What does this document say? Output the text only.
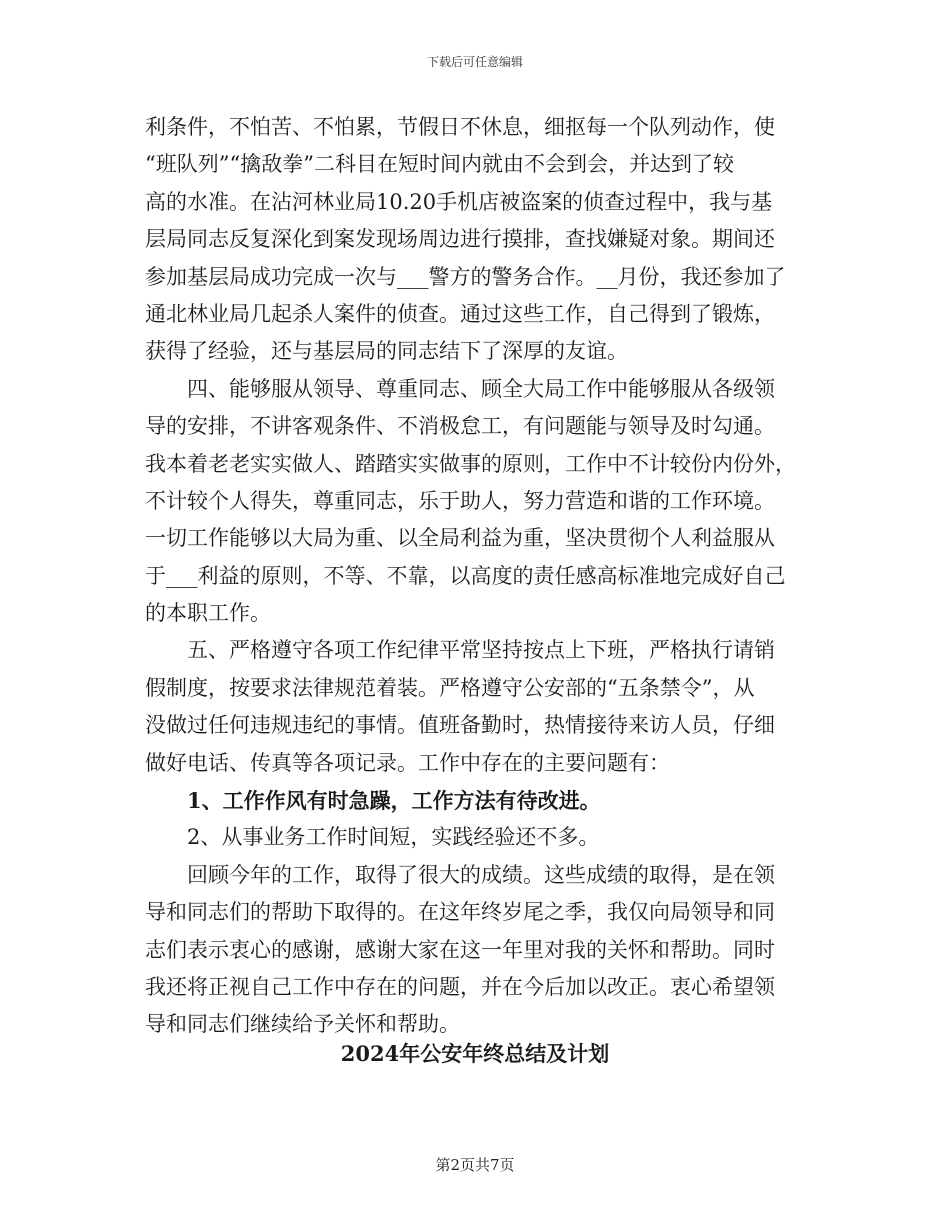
下载后可任意编辑
利条件，不怕苦、不怕累，节假日不休息，细抠每一个队列动作，使
“班队列”“擒敌拳”二科目在短时间内就由不会到会，并达到了较
高的水准。在沾河林业局10.20手机店被盗案的侦查过程中，我与基
层局同志反复深化到案发现场周边进行摸排，查找嫌疑对象。期间还
参加基层局成功完成一次与___警方的警务合作。__月份，我还参加了
通北林业局几起杀人案件的侦查。通过这些工作，自己得到了锻炼，
获得了经验，还与基层局的同志结下了深厚的友谊。
四、能够服从领导、尊重同志、顾全大局工作中能够服从各级领
导的安排，不讲客观条件、不消极怠工，有问题能与领导及时勾通。
我本着老老实实做人、踏踏实实做事的原则，工作中不计较份内份外，
不计较个人得失，尊重同志，乐于助人，努力营造和谐的工作环境。
一切工作能够以大局为重、以全局利益为重，坚决贯彻个人利益服从
于___利益的原则，不等、不靠，以高度的责任感高标准地完成好自己
的本职工作。
五、严格遵守各项工作纪律平常坚持按点上下班，严格执行请销
假制度，按要求法律规范着装。严格遵守公安部的“五条禁令”，从
没做过任何违规违纪的事情。值班备勤时，热情接待来访人员，仔细
做好电话、传真等各项记录。工作中存在的主要问题有：
1、工作作风有时急躁，工作方法有待改进。
2、从事业务工作时间短，实践经验还不多。
回顾今年的工作，取得了很大的成绩。这些成绩的取得，是在领
导和同志们的帮助下取得的。在这年终岁尾之季，我仅向局领导和同
志们表示衷心的感谢，感谢大家在这一年里对我的关怀和帮助。同时
我还将正视自己工作中存在的问题，并在今后加以改正。衷心希望领
导和同志们继续给予关怀和帮助。
2024年公安年终总结及计划
第2页共7页
